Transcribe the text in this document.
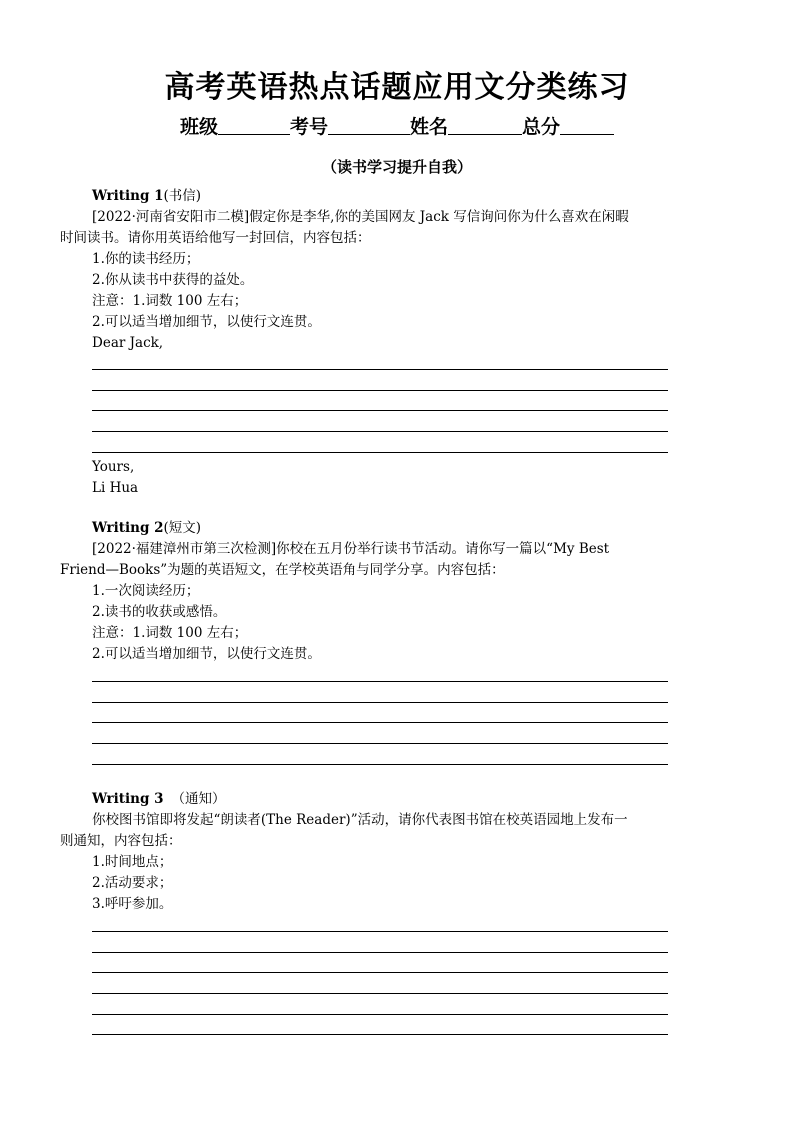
高考英语热点话题应用文分类练习
班级	考号	姓名	总分
（读书学习提升自我）
Writing 1(书信)
[2022·河南省安阳市二模]假定你是李华,你的美国网友 Jack 写信询问你为什么喜欢在闲暇
时间读书。请你用英语给他写一封回信，内容包括：
1.你的读书经历；
2.你从读书中获得的益处。
注意：1.词数 100 左右；
2.可以适当增加细节，以使行文连贯。
Dear Jack,
Yours,
Li Hua
Writing 2(短文)
[2022·福建漳州市第三次检测]你校在五月份举行读书节活动。请你写一篇以“My Best
Friend—Books”为题的英语短文，在学校英语角与同学分享。内容包括：
1.一次阅读经历；
2.读书的收获或感悟。
注意：1.词数 100 左右；
2.可以适当增加细节，以使行文连贯。
Writing 3 （通知）
你校图书馆即将发起“朗读者(The Reader)”活动，请你代表图书馆在校英语园地上发布一
则通知，内容包括：
1.时间地点；
2.活动要求；
3.呼吁参加。
